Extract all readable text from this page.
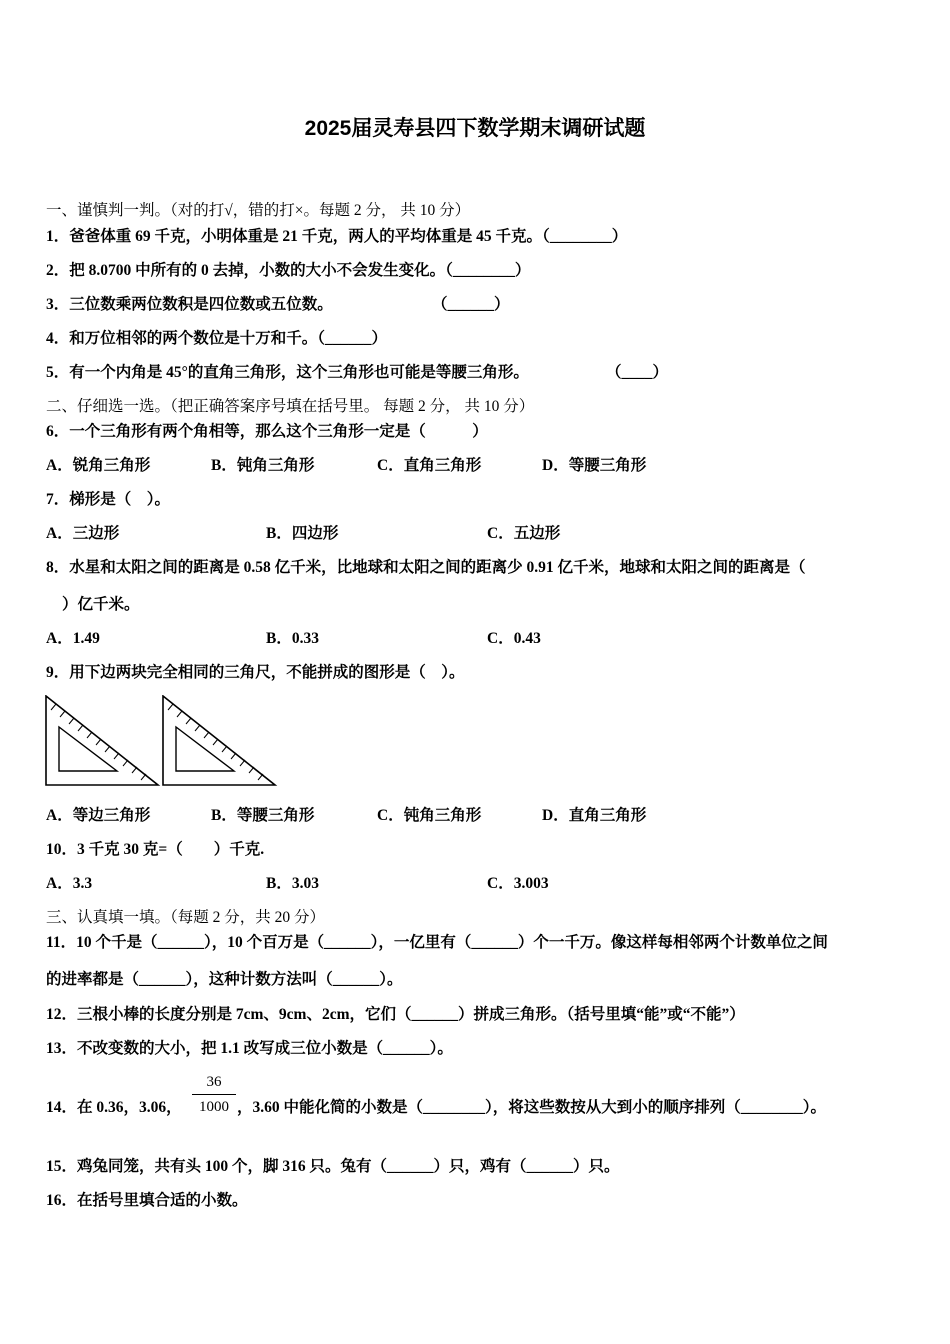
2025届灵寿县四下数学期末调研试题
一、谨慎判一判。（对的打√，错的打×。每题 2 分， 共 10 分）
1．爸爸体重 69 千克，小明体重是 21 千克，两人的平均体重是 45 千克。（________）
2．把 8.0700 中所有的 0 去掉，小数的大小不会发生变化。（________）
3．三位数乘两位数积是四位数或五位数。	（______）
4．和万位相邻的两个数位是十万和千。（______）
5．有一个内角是 45°的直角三角形，这个三角形也可能是等腰三角形。	（____）
二、仔细选一选。（把正确答案序号填在括号里。 每题 2 分， 共 10 分）
6．一个三角形有两个角相等，那么这个三角形一定是（　　　）
A．锐角三角形	B．钝角三角形	C．直角三角形	D．等腰三角形
7．梯形是（　）。
A．三边形	B．四边形	C．五边形
8．水星和太阳之间的距离是 0.58 亿千米，比地球和太阳之间的距离少 0.91 亿千米，地球和太阳之间的距离是（
）亿千米。
A．1.49	B．0.33	C．0.43
9．用下边两块完全相同的三角尺，不能拼成的图形是（　）。
A．等边三角形	B．等腰三角形	C．钝角三角形	D．直角三角形
10．3 千克 30 克=（　　）千克.
A．3.3	B．3.03	C．3.003
三、认真填一填。（每题 2 分，共 20 分）
11．10 个千是（______），10 个百万是（______），一亿里有（______）个一千万。像这样每相邻两个计数单位之间
的进率都是（______），这种计数方法叫（______）。
12．三根小棒的长度分别是 7cm、9cm、2cm，它们（______）拼成三角形。（括号里填“能”或“不能”）
13．不改变数的大小，把 1.1 改写成三位小数是（______）。
14．在 0.36，3.06，
36
1000 ，3.60 中能化简的小数是（________），将这些数按从大到小的顺序排列（________）。
15．鸡兔同笼，共有头 100 个，脚 316 只。兔有（______）只，鸡有（______）只。
16．在括号里填合适的小数。
